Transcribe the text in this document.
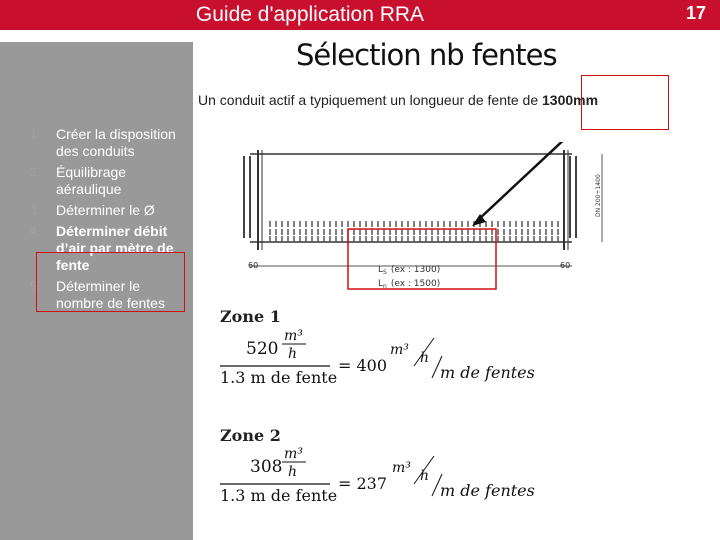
Guide d'application RRA	17
Sélection nb fentes
Un conduit actif a typiquement un longueur de fente de 1300mm
1. Créer la disposition des conduits
2. Équilibrage aéraulique
3. Déterminer le Ø
4. Déterminer débit d’air par mètre de fente
5. Déterminer le nombre de fentes
60	60
$L_S$ (ex : 1300)
$L_n$ (ex : 1500)
DN 200÷1400
Zone 1
520
m³
h
1.3 m de fente
= 400
m³ h
m de fentes
Zone 2
308
m³
h
1.3 m de fente
= 237
m³ h
m de fentes
